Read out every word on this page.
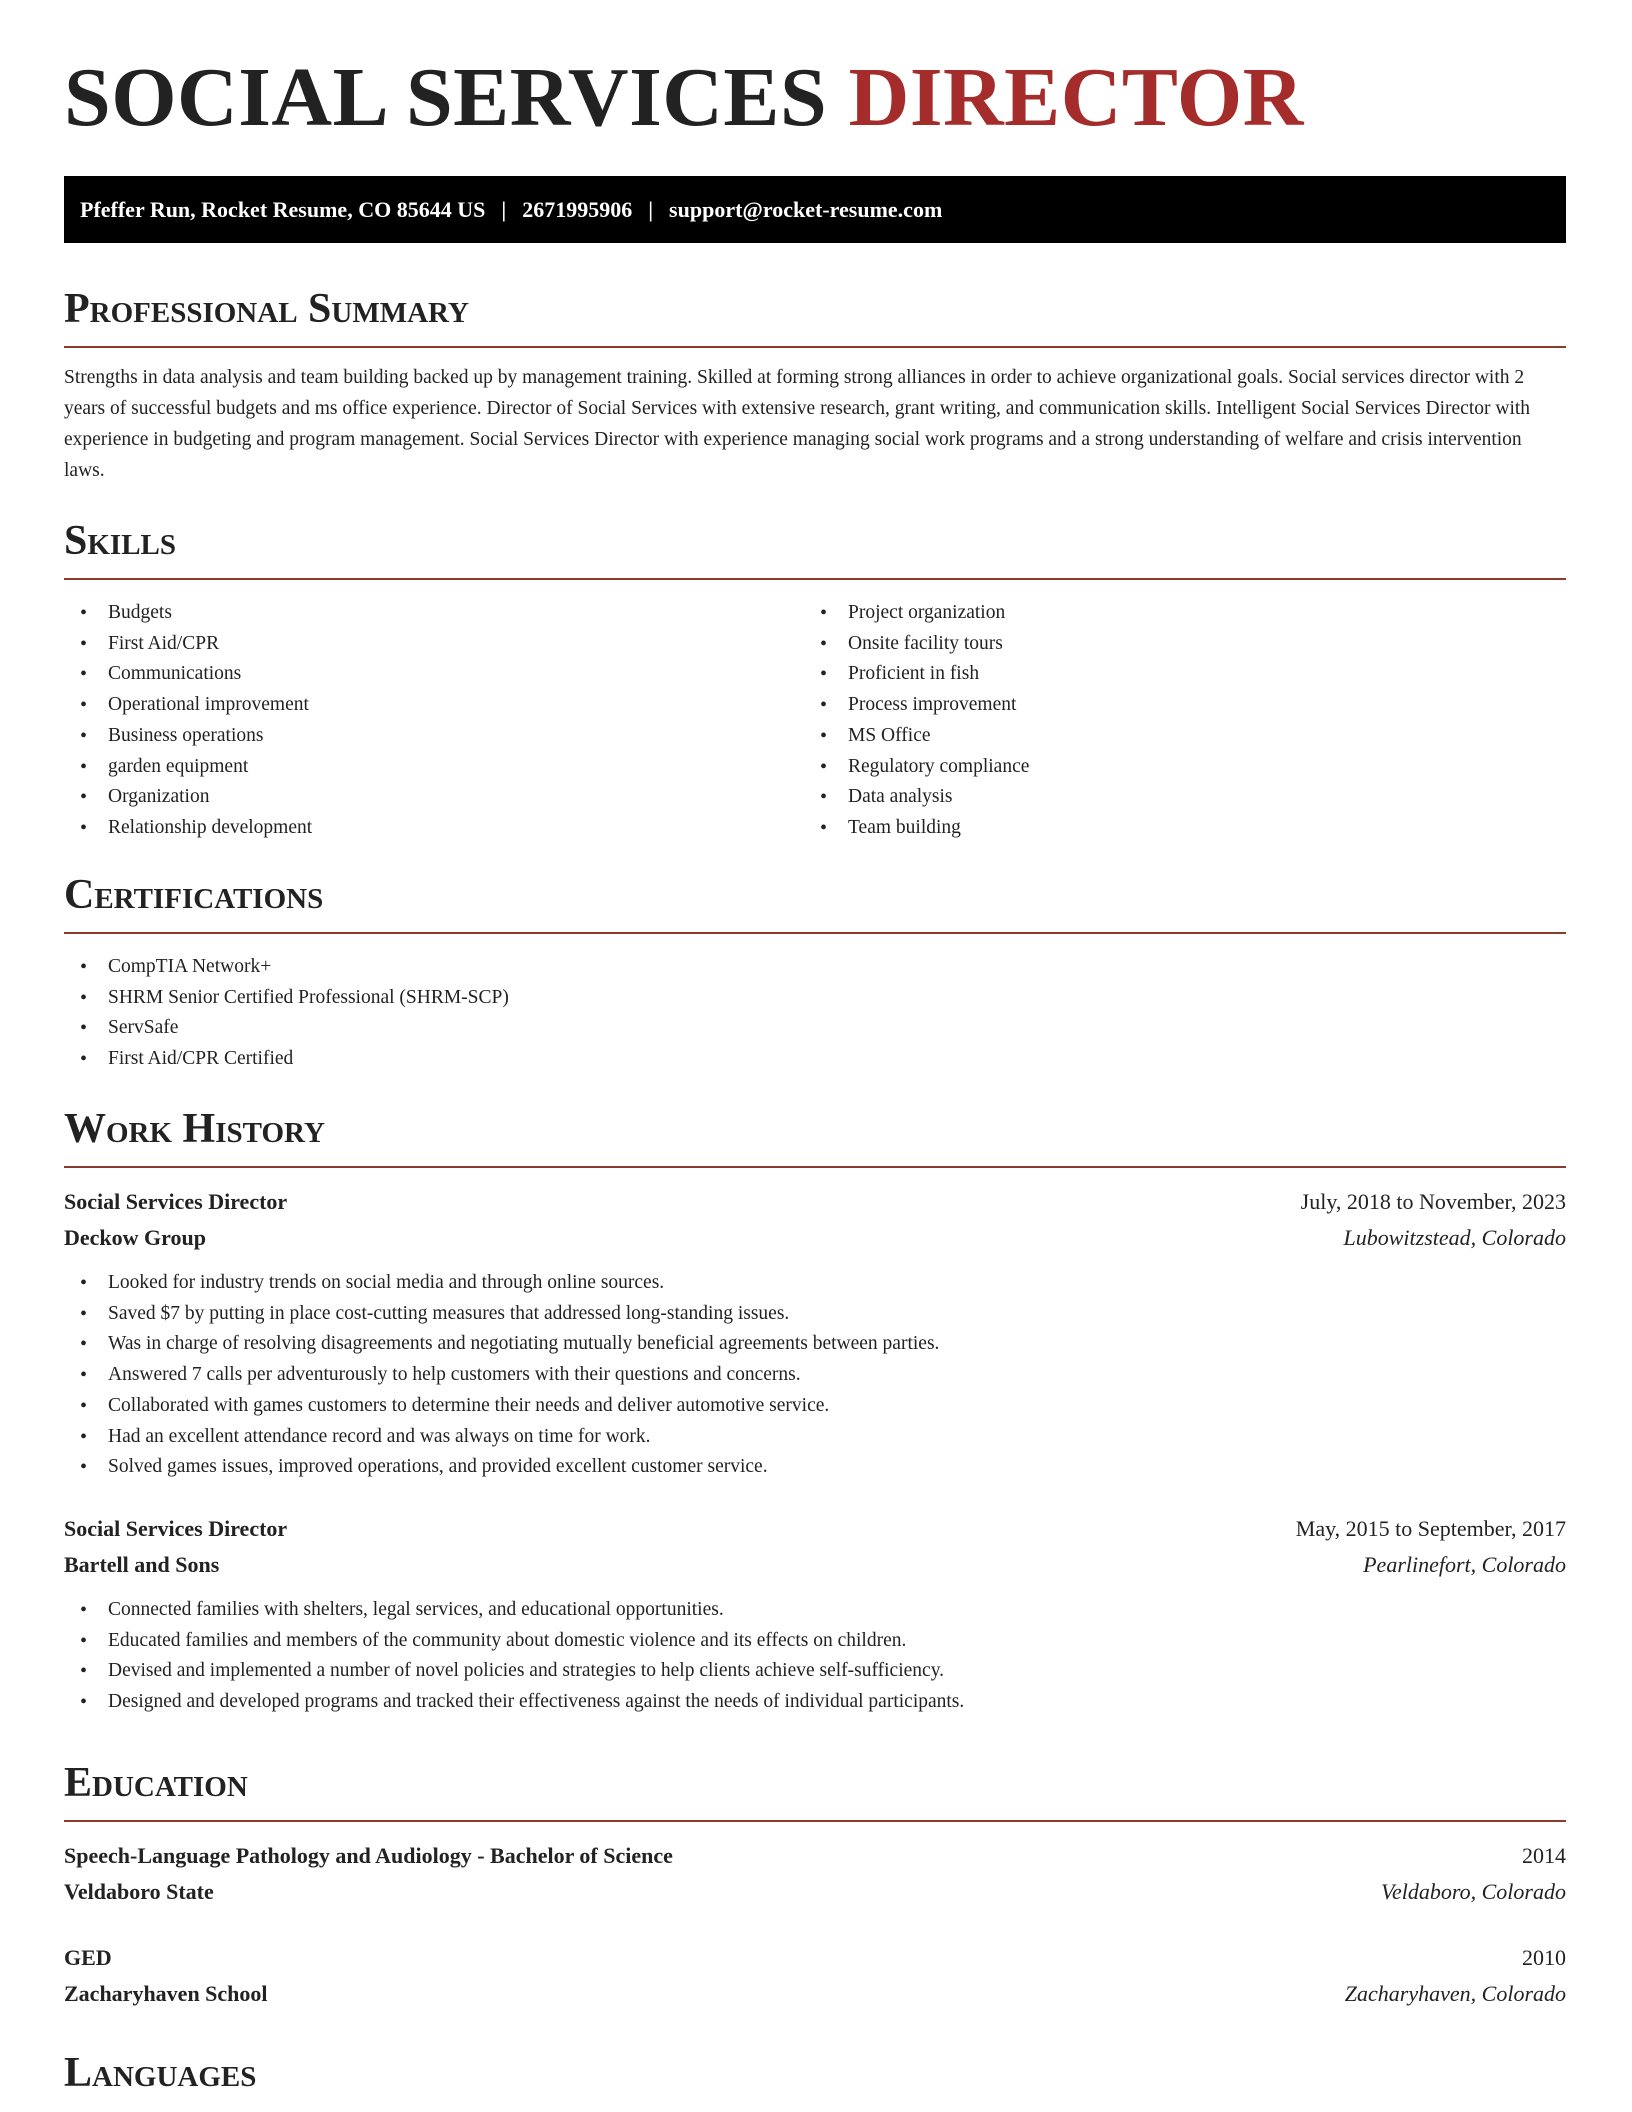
SOCIAL SERVICES DIRECTOR
Pfeffer Run, Rocket Resume, CO 85644 US | 2671995906 | support@rocket-resume.com
Professional Summary
Strengths in data analysis and team building backed up by management training. Skilled at forming strong alliances in order to achieve organizational goals. Social services director with 2 years of successful budgets and ms office experience. Director of Social Services with extensive research, grant writing, and communication skills. Intelligent Social Services Director with experience in budgeting and program management. Social Services Director with experience managing social work programs and a strong understanding of welfare and crisis intervention laws.
Skills
• Budgets
• First Aid/CPR
• Communications
• Operational improvement
• Business operations
• garden equipment
• Organization
• Relationship development
• Project organization
• Onsite facility tours
• Proficient in fish
• Process improvement
• MS Office
• Regulatory compliance
• Data analysis
• Team building
Certifications
• CompTIA Network+
• SHRM Senior Certified Professional (SHRM-SCP)
• ServSafe
• First Aid/CPR Certified
Work History
Social Services Director	July, 2018 to November, 2023
Deckow Group	Lubowitzstead, Colorado
• Looked for industry trends on social media and through online sources.
• Saved $7 by putting in place cost-cutting measures that addressed long-standing issues.
• Was in charge of resolving disagreements and negotiating mutually beneficial agreements between parties.
• Answered 7 calls per adventurously to help customers with their questions and concerns.
• Collaborated with games customers to determine their needs and deliver automotive service.
• Had an excellent attendance record and was always on time for work.
• Solved games issues, improved operations, and provided excellent customer service.
Social Services Director	May, 2015 to September, 2017
Bartell and Sons	Pearlinefort, Colorado
• Connected families with shelters, legal services, and educational opportunities.
• Educated families and members of the community about domestic violence and its effects on children.
• Devised and implemented a number of novel policies and strategies to help clients achieve self-sufficiency.
• Designed and developed programs and tracked their effectiveness against the needs of individual participants.
Education
Speech-Language Pathology and Audiology - Bachelor of Science	2014
Veldaboro State	Veldaboro, Colorado
GED	2010
Zacharyhaven School	Zacharyhaven, Colorado
Languages
